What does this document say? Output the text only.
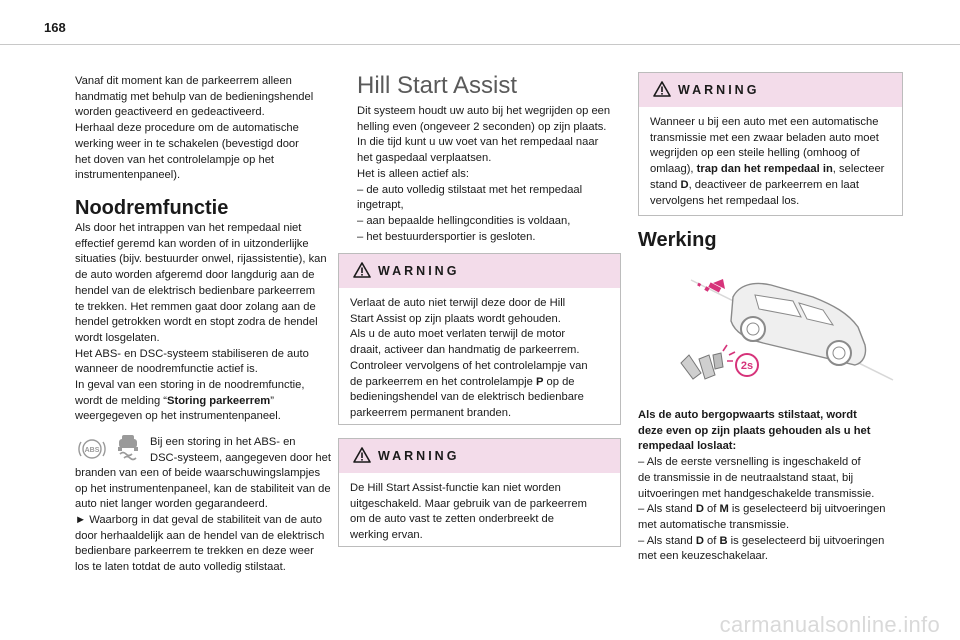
168

Vanaf dit moment kan de parkeerrem alleen

handmatig met behulp van de bedieningshendel

worden geactiveerd en gedeactiveerd.

Herhaal deze procedure om de automatische

werking weer in te schakelen (bevestigd door

het doven van het controlelampje op het

instrumentenpaneel).

Noodremfunctie

Als door het intrappen van het rempedaal niet

effectief geremd kan worden of in uitzonderlijke

situaties (bijv. bestuurder onwel, rijassistentie), kan

de auto worden afgeremd door langdurig aan de

hendel van de elektrisch bedienbare parkeerrem

te trekken. Het remmen gaat door zolang aan de

hendel getrokken wordt en stopt zodra de hendel

wordt losgelaten.

Het ABS- en DSC-systeem stabiliseren de auto

wanneer de noodremfunctie actief is.

In geval van een storing in de noodremfunctie,

wordt de melding “Storing parkeerrem”

weergegeven op het instrumentenpaneel.

ABS

Bij een storing in het ABS- en

DSC-systeem, aangegeven door het

branden van een of beide waarschuwingslampjes

op het instrumentenpaneel, kan de stabiliteit van de

auto niet langer worden gegarandeerd.

► Waarborg in dat geval de stabiliteit van de auto

door herhaaldelijk aan de hendel van de elektrisch

bedienbare parkeerrem te trekken en deze weer

los te laten totdat de auto volledig stilstaat.

Hill Start Assist

Dit systeem houdt uw auto bij het wegrijden op een

helling even (ongeveer 2 seconden) op zijn plaats.

In die tijd kunt u uw voet van het rempedaal naar

het gaspedaal verplaatsen.

Het is alleen actief als:

– de auto volledig stilstaat met het rempedaal

ingetrapt,

– aan bepaalde hellingcondities is voldaan,

– het bestuurdersportier is gesloten.

WARNING

Verlaat de auto niet terwijl deze door de Hill

Start Assist op zijn plaats wordt gehouden.

Als u de auto moet verlaten terwijl de motor

draait, activeer dan handmatig de parkeerrem.

Controleer vervolgens of het controlelampje van

de parkeerrem en het controlelampje P op de

bedieningshendel van de elektrisch bedienbare

parkeerrem permanent branden.

WARNING

De Hill Start Assist-functie kan niet worden

uitgeschakeld. Maar gebruik van de parkeerrem

om de auto vast te zetten onderbreekt de

werking ervan.

WARNING

Wanneer u bij een auto met een automatische

transmissie met een zwaar beladen auto moet

wegrijden op een steile helling (omhoog of

omlaag), trap dan het rempedaal in, selecteer

stand D, deactiveer de parkeerrem en laat

vervolgens het rempedaal los.

Werking
2s

Als de auto bergopwaarts stilstaat, wordt

deze even op zijn plaats gehouden als u het

rempedaal loslaat:

– Als de eerste versnelling is ingeschakeld of

de transmissie in de neutraalstand staat, bij

uitvoeringen met handgeschakelde transmissie.

– Als stand D of M is geselecteerd bij uitvoeringen

met automatische transmissie.

– Als stand D of B is geselecteerd bij uitvoeringen

met een keuzeschakelaar.

carmanualsonline.info
